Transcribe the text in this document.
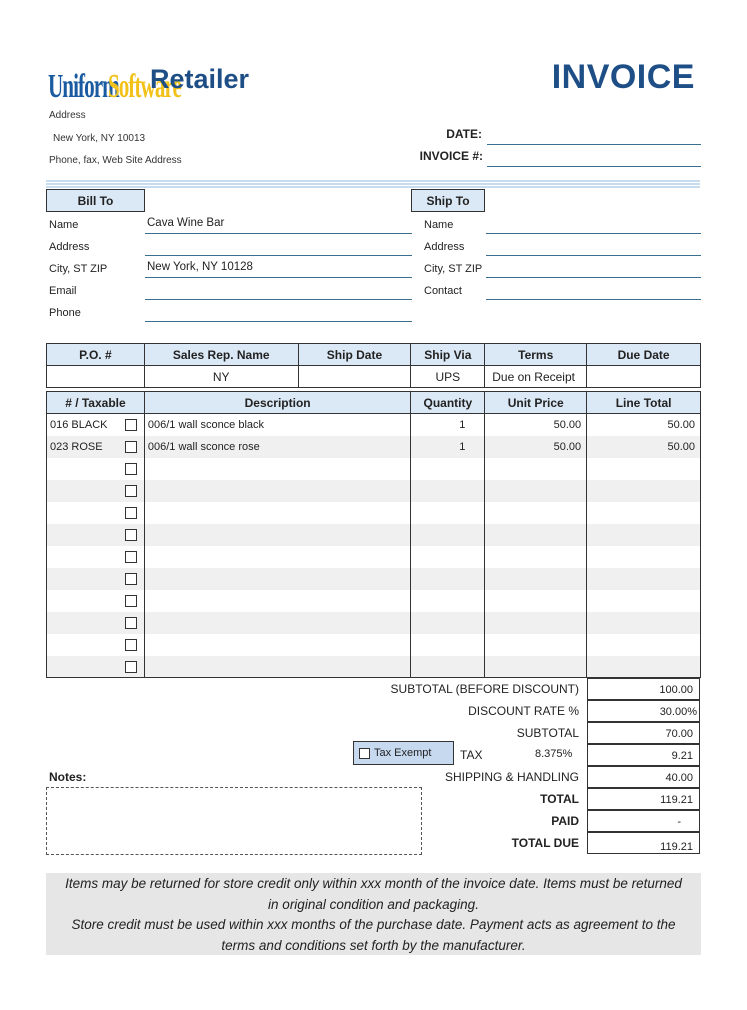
Uniform
Software
Retailer	INVOICE
Address
New York, NY 10013
Phone, fax, Web Site Address
DATE:
INVOICE #:
Bill To	Ship To
Name	Cava Wine Bar
Address
City, ST ZIP	New York, NY 10128
Email
Phone
Name
Address
City, ST ZIP
Contact
P.O. #	Sales Rep. Name	Ship Date	Ship Via	Terms	Due Date
	NY		UPS	Due on Receipt	
# / Taxable	Description	Quantity	Unit Price	Line Total
016 BLACK	006/1 wall sconce black	1	50.00	50.00
023 ROSE	006/1 wall sconce rose	1	50.00	50.00

SUBTOTAL (BEFORE DISCOUNT)	100.00
DISCOUNT RATE %	30.00%
SUBTOTAL	70.00
Tax Exempt TAX	8.375%	9.21
SHIPPING & HANDLING	40.00
TOTAL	119.21
PAID	-
TOTAL DUE	119.21
Notes:
Items may be returned for store credit only within xxx month of the invoice date. Items must be returned
in original condition and packaging.
Store credit must be used within xxx months of the purchase date. Payment acts as agreement to the
terms and conditions set forth by the manufacturer.
